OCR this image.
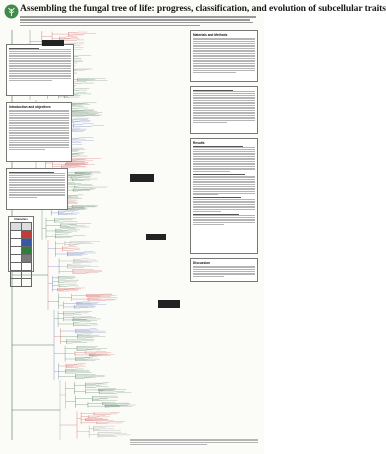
Assembling the fungal tree of life: progress, classification, and evolution of subcellular traits
Introduction and objectives
Characters

Materials and Methods
Results
Discussion
